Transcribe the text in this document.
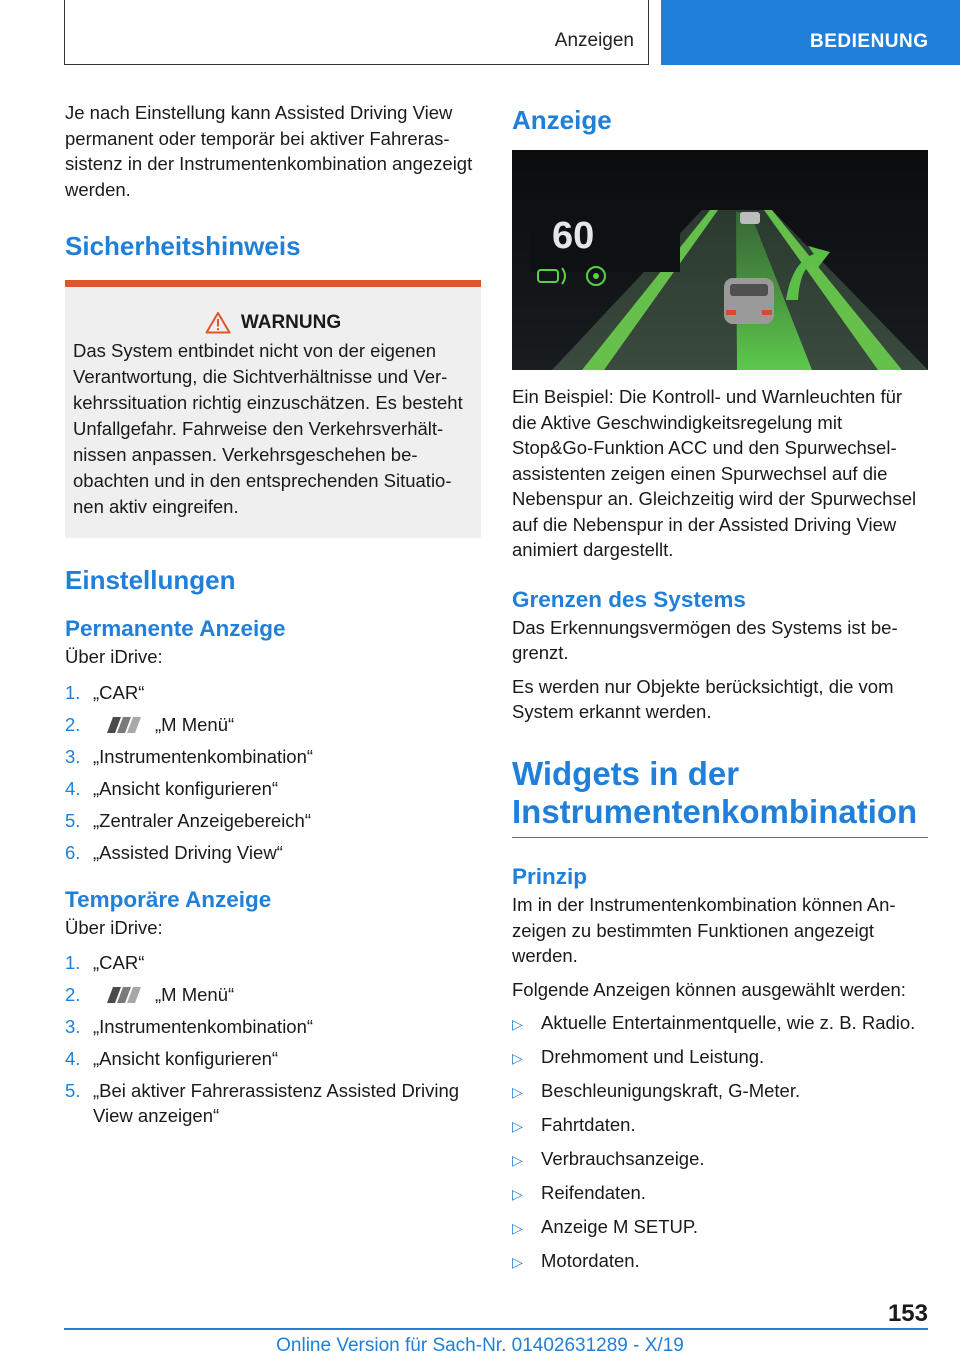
Anzeigen	BEDIENUNG

Je nach Einstellung kann Assisted Driving View permanent oder temporär bei aktiver Fahrerassistenz in der Instrumentenkombination angezeigt werden.

Sicherheitshinweis
WARNUNG

Das System entbindet nicht von der eigenen Verantwortung, die Sichtverhältnisse und Verkehrssituation richtig einzuschätzen. Es besteht Unfallgefahr. Fahrweise den Verkehrsverhältnissen anpassen. Verkehrsgeschehen beobachten und in den entsprechenden Situationen aktiv eingreifen.

Einstellungen
Permanente Anzeige

Über iDrive:

1. „CAR“
2.	„M Menü“
3. „Instrumentenkombination“
4. „Ansicht konfigurieren“
5. „Zentraler Anzeigebereich“
6. „Assisted Driving View“
Temporäre Anzeige

Über iDrive:

1. „CAR“
2.	„M Menü“
3. „Instrumentenkombination“
4. „Ansicht konfigurieren“
5. „Bei aktiver Fahrerassistenz Assisted Driving View anzeigen“
Anzeige
60

Ein Beispiel: Die Kontroll- und Warnleuchten für die Aktive Geschwindigkeitsregelung mit Stop&Go-Funktion ACC und den Spurwechselassistenten zeigen einen Spurwechsel auf die Nebenspur an. Gleichzeitig wird der Spurwechsel auf die Nebenspur in der Assisted Driving View animiert dargestellt.

Grenzen des Systems

Das Erkennungsvermögen des Systems ist begrenzt.

Es werden nur Objekte berücksichtigt, die vom System erkannt werden.

Widgets in der Instrumentenkombination
Prinzip

Im in der Instrumentenkombination können Anzeigen zu bestimmten Funktionen angezeigt werden.

Folgende Anzeigen können ausgewählt werden:

▷ Aktuelle Entertainmentquelle, wie z. B. Radio.
▷ Drehmoment und Leistung.
▷ Beschleunigungskraft, G-Meter.
▷ Fahrtdaten.
▷ Verbrauchsanzeige.
▷ Reifendaten.
▷ Anzeige M SETUP.
▷ Motordaten.
153
Online Version für Sach-Nr. 01402631289 - X/19
